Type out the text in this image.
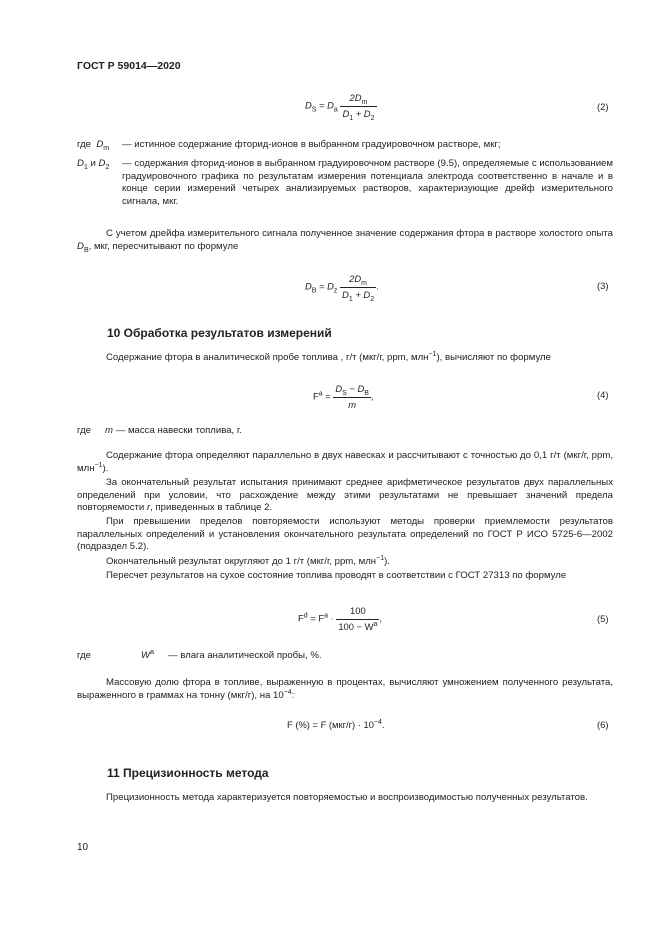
ГОСТ Р 59014—2020
$D_S = D_a \frac{2D_m}{D_1 + D_2}$	(2)
где $D_m$ — истинное содержание фторид-ионов в выбранном градуировочном растворе, мкг;
$D_1$ и $D_2$ — содержания фторид-ионов в выбранном градуировочном растворе (9.5), определяемые с использованием градуировочного графика по результатам измерения потенциала электрода соответственно в начале и в конце серии измерений четырех анализируемых растворов, характеризующие дрейф измерительного сигнала, мкг.
С учетом дрейфа измерительного сигнала полученное значение содержания фтора в растворе холостого опыта $D_B$, мкг, пересчитывают по формуле
$D_B = D_z \frac{2D_m}{D_1 + D_2}$ .	(3)
10 Обработка результатов измерений
Содержание фтора в аналитической пробе топлива , г/т (мкг/г, ppm, млн$^{-1}$), вычисляют по формуле
$F^a = \frac{D_S - D_B}{m}$ ,	(4)
где m — масса навески топлива, г.
Содержание фтора определяют параллельно в двух навесках и рассчитывают с точностью до 0,1 г/т (мкг/г, ppm, млн$^{-1}$).
За окончательный результат испытания принимают среднее арифметическое результатов двух параллельных определений при условии, что расхождение между этими результатами не превышает значений предела повторяемости r, приведенных в таблице 2.
При превышении пределов повторяемости используют методы проверки приемлемости результатов параллельных определений и установления окончательного результата определений по ГОСТ Р ИСО 5725-6—2002 (подраздел 5.2).
Окончательный результат округляют до 1 г/т (мкг/г, ppm, млн$^{-1}$).
Пересчет результатов на сухое состояние топлива проводят в соответствии с ГОСТ 27313 по формуле
$F^d = F^a \cdot \frac{100}{100 - W^a}$ ,	(5)
где	$W^a$ — влага аналитической пробы, %.
Массовую долю фтора в топливе, выраженную в процентах, вычисляют умножением полученного результата, выраженного в граммах на тонну (мкг/г), на $10^{-4}$:
F (%) = F $(мкг/г) \cdot 10^{-4}$.	(6)
11 Прецизионность метода
Прецизионность метода характеризуется повторяемостью и воспроизводимостью полученных результатов.
10
